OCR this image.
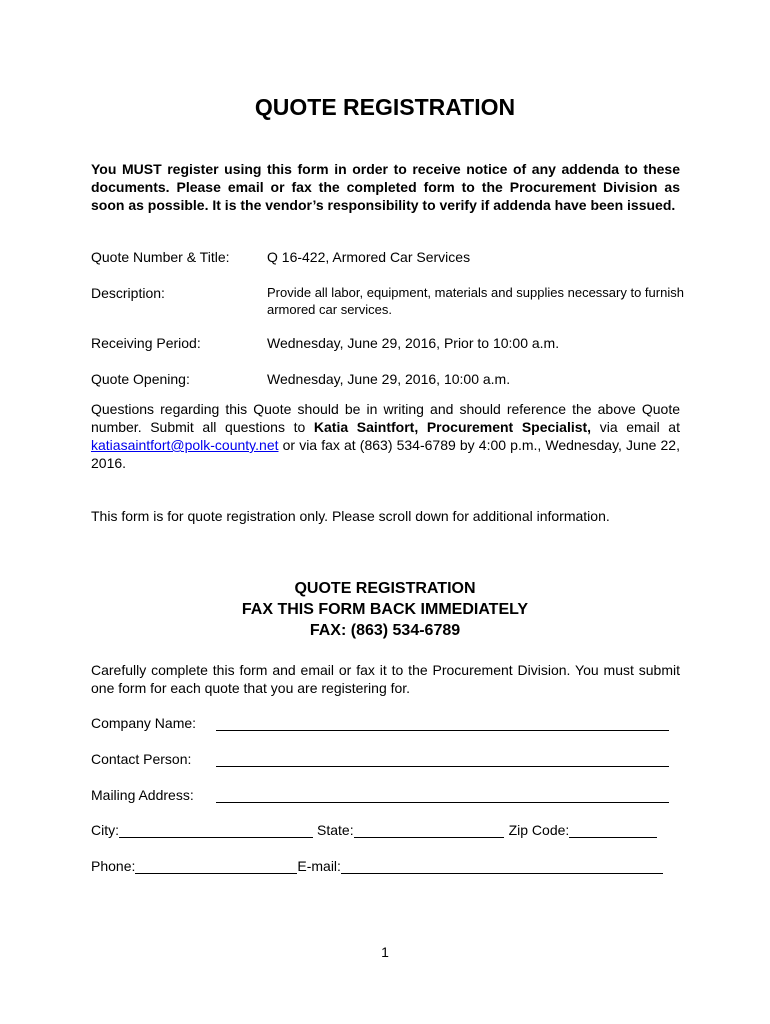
QUOTE REGISTRATION
You MUST register using this form in order to receive notice of any addenda to these documents. Please email or fax the completed form to the Procurement Division as soon as possible. It is the vendor’s responsibility to verify if addenda have been issued.
Quote Number & Title:	Q 16-422, Armored Car Services
Description:	Provide all labor, equipment, materials and supplies necessary to furnish armored car services.
Receiving Period:	Wednesday, June 29, 2016, Prior to 10:00 a.m.
Quote Opening:	Wednesday, June 29, 2016, 10:00 a.m.
Questions regarding this Quote should be in writing and should reference the above Quote number. Submit all questions to Katia Saintfort, Procurement Specialist, via email at katiasaintfort@polk-county.net or via fax at (863) 534-6789 by 4:00 p.m., Wednesday, June 22, 2016.
This form is for quote registration only. Please scroll down for additional information.
QUOTE REGISTRATION
FAX THIS FORM BACK IMMEDIATELY
FAX: (863) 534-6789
Carefully complete this form and email or fax it to the Procurement Division. You must submit one form for each quote that you are registering for.
Company Name:
Contact Person:
Mailing Address:
City:	State:	Zip Code:
Phone:	E-mail:
1
